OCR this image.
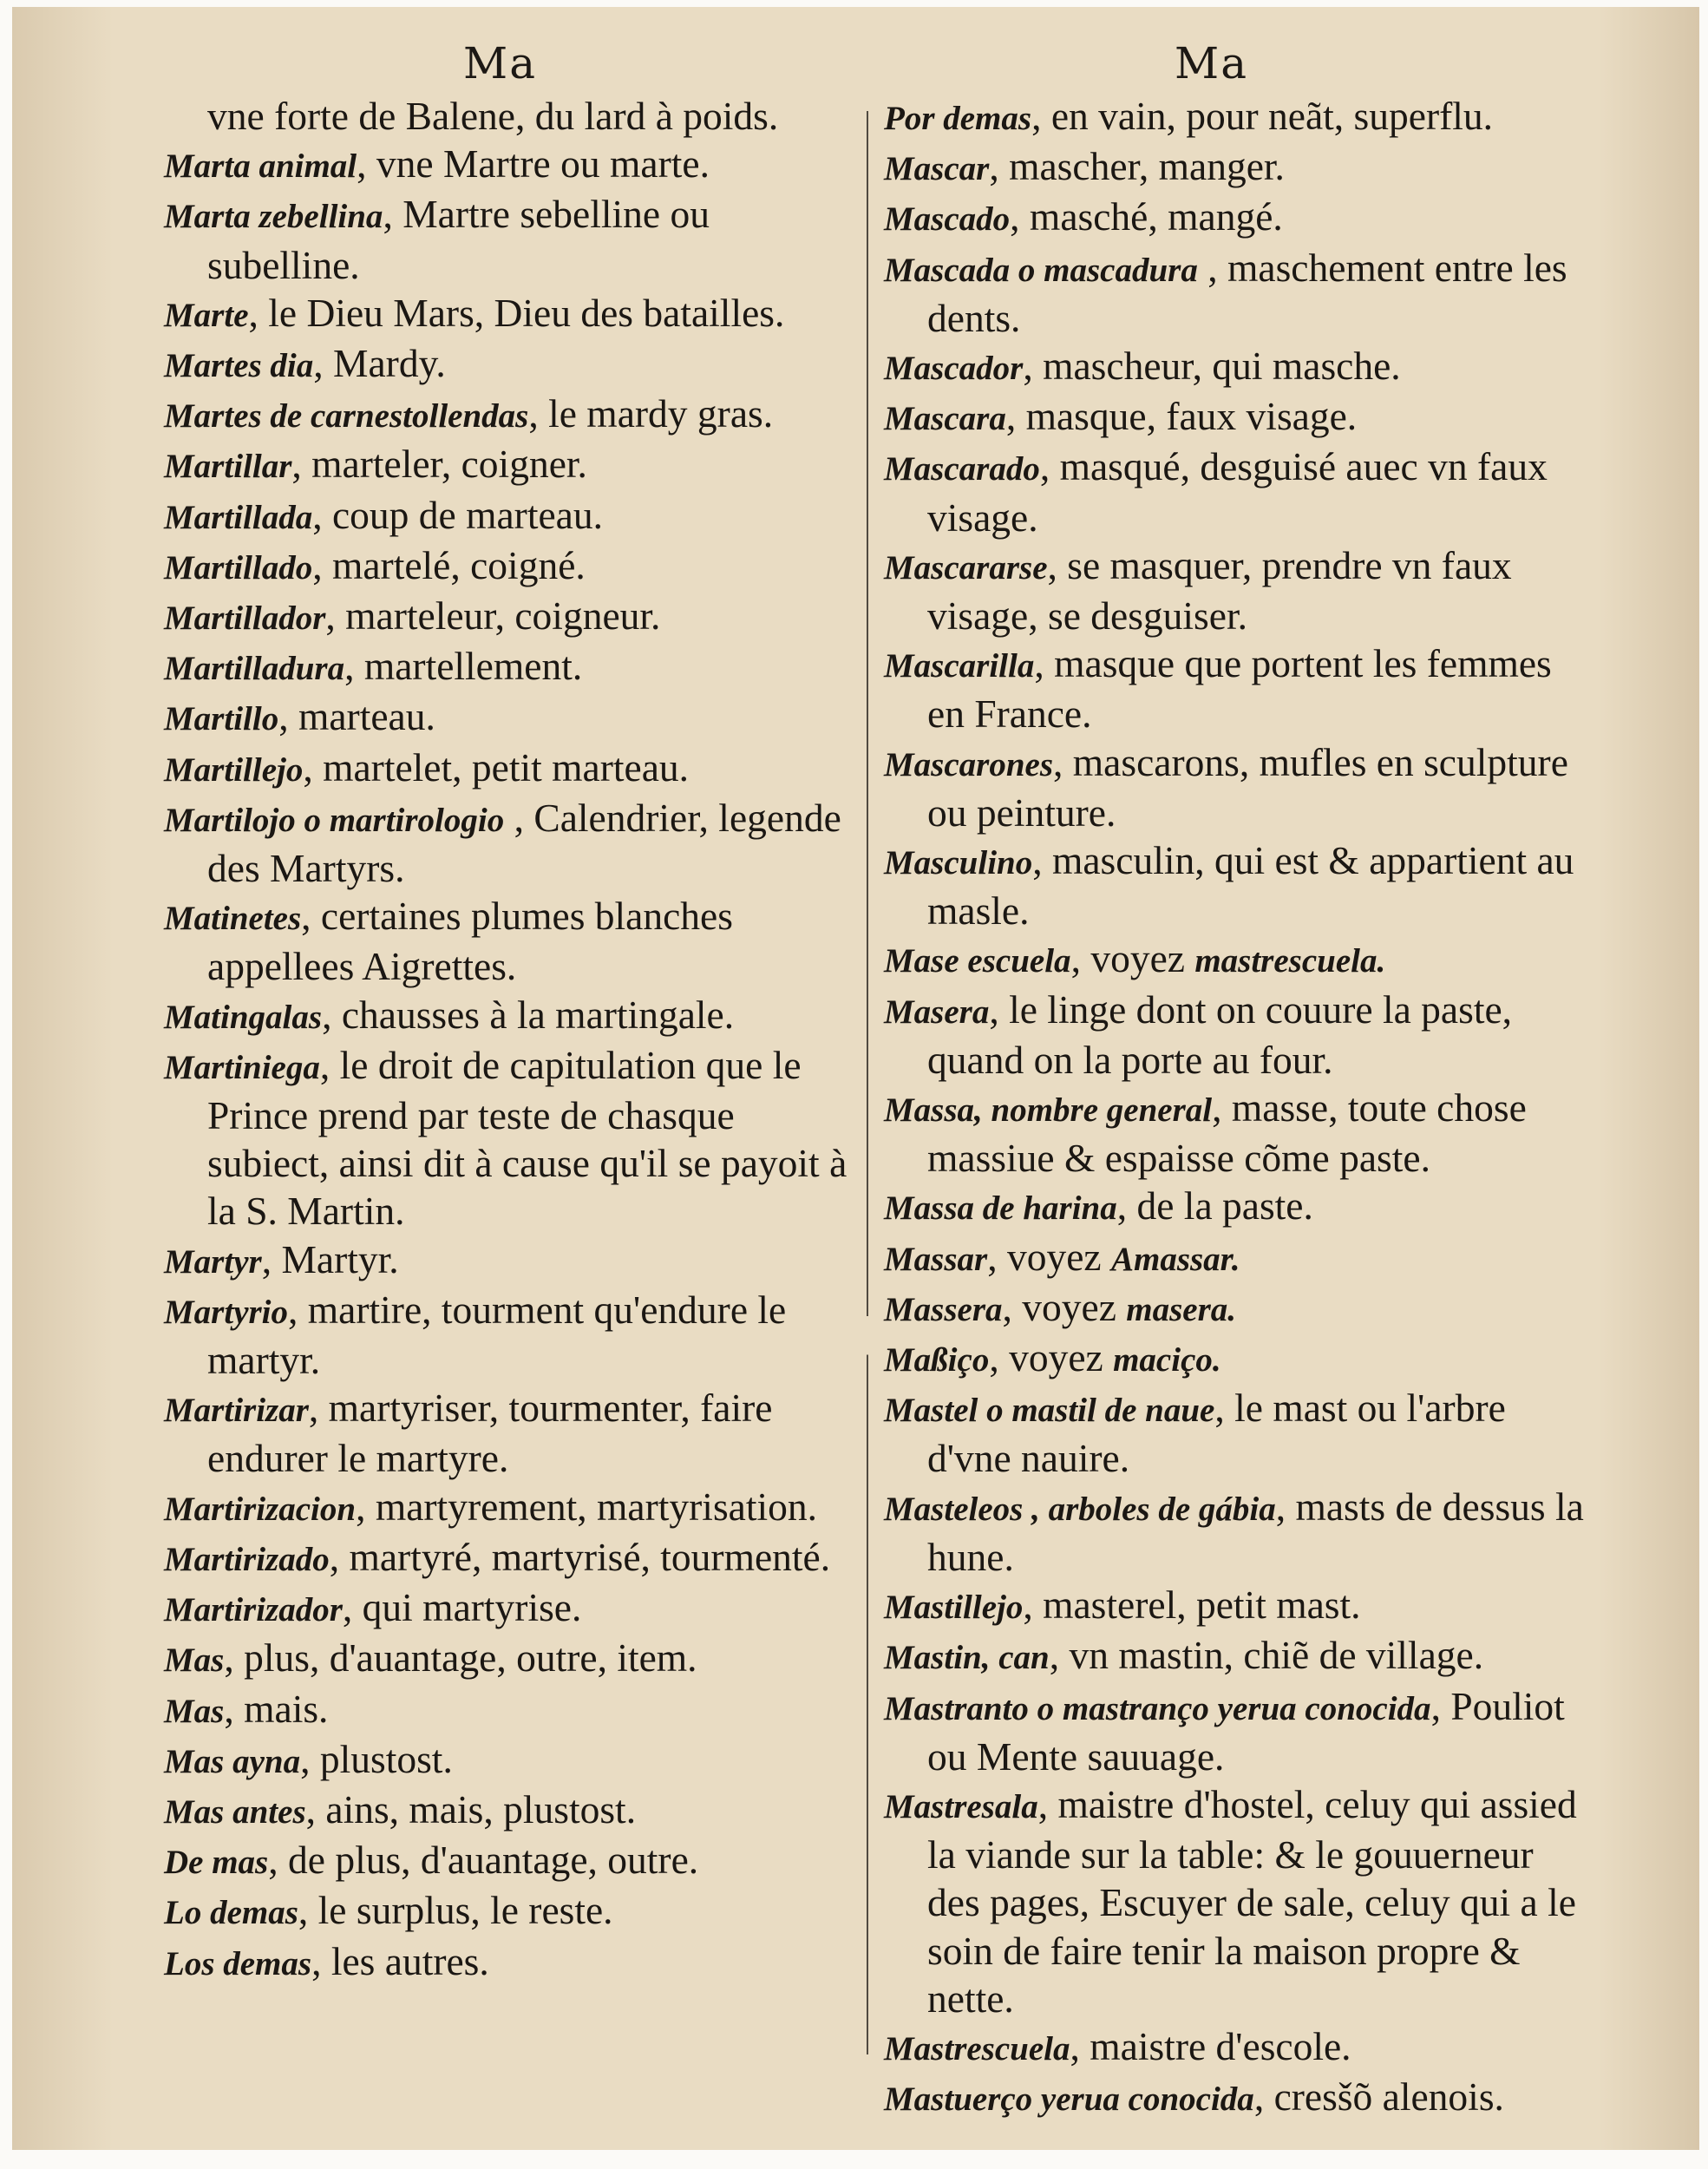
Ma	Ma
vne forte de Balene, du lard à poids.
Marta animal, vne Martre ou marte.
Marta zebellina, Martre sebelline ou subelline.
Marte, le Dieu Mars, Dieu des batailles.
Martes dia, Mardy.
Martes de carnestollendas, le mardy gras.
Martillar, marteler, coigner.
Martillada, coup de marteau.
Martillado, martelé, coigné.
Martillador, marteleur, coigneur.
Martilladura, martellement.
Martillo, marteau.
Martillejo, martelet, petit marteau.
Martilojo o martirologio , Calendrier, legende des Martyrs.
Matinetes, certaines plumes blanches appellees Aigrettes.
Matingalas, chausses à la martingale.
Martiniega, le droit de capitulation que le Prince prend par teste de chasque subiect, ainsi dit à cause qu'il se payoit à la S. Martin.
Martyr, Martyr.
Martyrio, martire, tourment qu'endure le martyr.
Martirizar, martyriser, tourmenter, faire endurer le martyre.
Martirizacion, martyrement, martyrisation.
Martirizado, martyré, martyrisé, tourmenté.
Martirizador, qui martyrise.
Mas, plus, d'auantage, outre, item.
Mas, mais.
Mas ayna, plustost.
Mas antes, ains, mais, plustost.
De mas, de plus, d'auantage, outre.
Lo demas, le surplus, le reste.
Los demas, les autres.
Por demas, en vain, pour neãt, superflu.
Mascar, mascher, manger.
Mascado, masché, mangé.
Mascada o mascadura , maschement entre les dents.
Mascador, mascheur, qui masche.
Mascara, masque, faux visage.
Mascarado, masqué, desguisé auec vn faux visage.
Mascararse, se masquer, prendre vn faux visage, se desguiser.
Mascarilla, masque que portent les femmes en France.
Mascarones, mascarons, mufles en sculpture ou peinture.
Masculino, masculin, qui est & appartient au masle.
Mase escuela, voyez mastrescuela.
Masera, le linge dont on couure la paste, quand on la porte au four.
Massa, nombre general, masse, toute chose massiue & espaisse cõme paste.
Massa de harina, de la paste.
Massar, voyez Amassar.
Massera, voyez masera.
Maßiço, voyez maciço.
Mastel o mastil de naue, le mast ou l'arbre d'vne nauire.
Masteleos , arboles de gábia, masts de dessus la hune.
Mastillejo, masterel, petit mast.
Mastin, can, vn mastin, chiẽ de village.
Mastranto o mastranço yerua conocida, Pouliot ou Mente sauuage.
Mastresala, maistre d'hostel, celuy qui assied la viande sur la table: & le gouuerneur des pages, Escuyer de sale, celuy qui a le soin de faire tenir la maison propre & nette.
Mastrescuela, maistre d'escole.
Mastuerço yerua conocida, cresšõ alenois.
